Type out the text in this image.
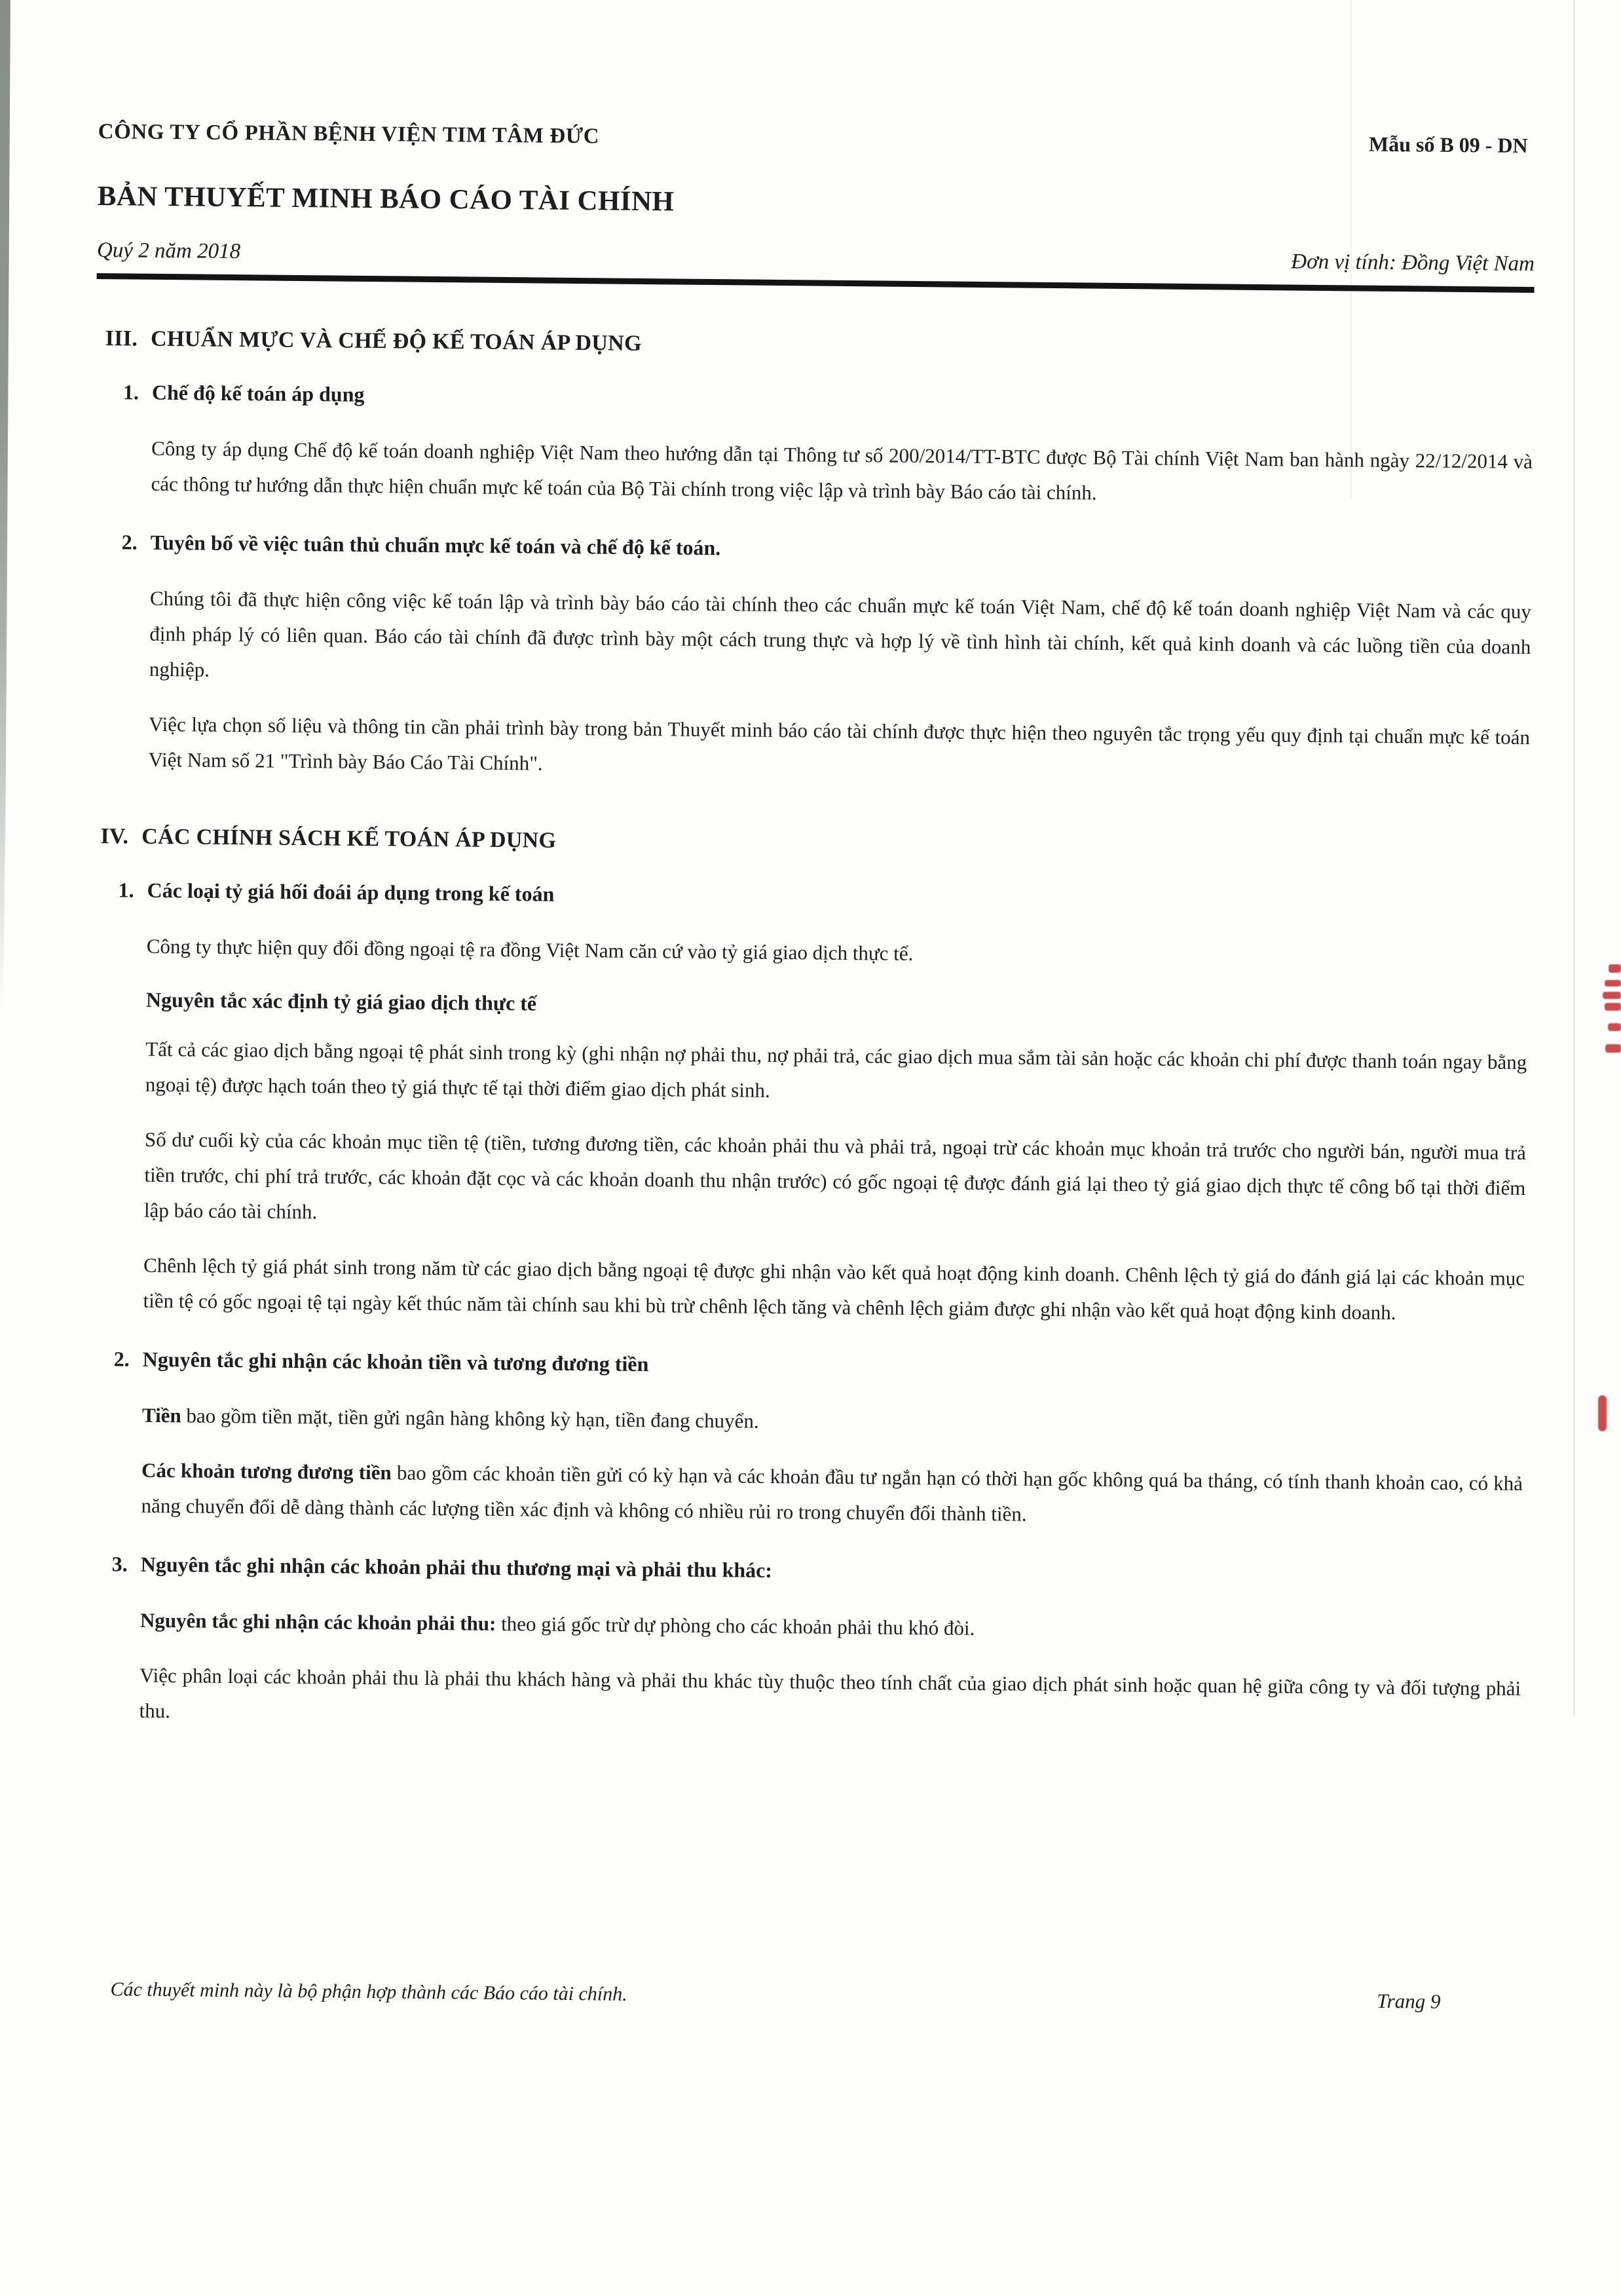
CÔNG TY CỔ PHẦN BỆNH VIỆN TIM TÂM ĐỨC	Mẫu số B 09 - DN
BẢN THUYẾT MINH BÁO CÁO TÀI CHÍNH
Quý 2 năm 2018	Đơn vị tính: Đồng Việt Nam
III. CHUẨN MỰC VÀ CHẾ ĐỘ KẾ TOÁN ÁP DỤNG
1. Chế độ kế toán áp dụng

Công ty áp dụng Chế độ kế toán doanh nghiệp Việt Nam theo hướng dẫn tại Thông tư số 200/2014/TT-BTC được Bộ Tài chính Việt Nam ban hành ngày 22/12/2014 và các thông tư hướng dẫn thực hiện chuẩn mực kế toán của Bộ Tài chính trong việc lập và trình bày Báo cáo tài chính.

2. Tuyên bố về việc tuân thủ chuẩn mực kế toán và chế độ kế toán.

Chúng tôi đã thực hiện công việc kế toán lập và trình bày báo cáo tài chính theo các chuẩn mực kế toán Việt Nam, chế độ kế toán doanh nghiệp Việt Nam và các quy định pháp lý có liên quan. Báo cáo tài chính đã được trình bày một cách trung thực và hợp lý về tình hình tài chính, kết quả kinh doanh và các luồng tiền của doanh nghiệp.

Việc lựa chọn số liệu và thông tin cần phải trình bày trong bản Thuyết minh báo cáo tài chính được thực hiện theo nguyên tắc trọng yếu quy định tại chuẩn mực kế toán Việt Nam số 21 "Trình bày Báo Cáo Tài Chính".

IV. CÁC CHÍNH SÁCH KẾ TOÁN ÁP DỤNG
1. Các loại tỷ giá hối đoái áp dụng trong kế toán

Công ty thực hiện quy đổi đồng ngoại tệ ra đồng Việt Nam căn cứ vào tỷ giá giao dịch thực tế.

Nguyên tắc xác định tỷ giá giao dịch thực tế

Tất cả các giao dịch bằng ngoại tệ phát sinh trong kỳ (ghi nhận nợ phải thu, nợ phải trả, các giao dịch mua sắm tài sản hoặc các khoản chi phí được thanh toán ngay bằng ngoại tệ) được hạch toán theo tỷ giá thực tế tại thời điểm giao dịch phát sinh.

Số dư cuối kỳ của các khoản mục tiền tệ (tiền, tương đương tiền, các khoản phải thu và phải trả, ngoại trừ các khoản mục khoản trả trước cho người bán, người mua trả tiền trước, chi phí trả trước, các khoản đặt cọc và các khoản doanh thu nhận trước) có gốc ngoại tệ được đánh giá lại theo tỷ giá giao dịch thực tế công bố tại thời điểm lập báo cáo tài chính.

Chênh lệch tỷ giá phát sinh trong năm từ các giao dịch bằng ngoại tệ được ghi nhận vào kết quả hoạt động kinh doanh. Chênh lệch tỷ giá do đánh giá lại các khoản mục tiền tệ có gốc ngoại tệ tại ngày kết thúc năm tài chính sau khi bù trừ chênh lệch tăng và chênh lệch giảm được ghi nhận vào kết quả hoạt động kinh doanh.

2. Nguyên tắc ghi nhận các khoản tiền và tương đương tiền

Tiền bao gồm tiền mặt, tiền gửi ngân hàng không kỳ hạn, tiền đang chuyển.

Các khoản tương đương tiền bao gồm các khoản tiền gửi có kỳ hạn và các khoản đầu tư ngắn hạn có thời hạn gốc không quá ba tháng, có tính thanh khoản cao, có khả năng chuyển đổi dễ dàng thành các lượng tiền xác định và không có nhiều rủi ro trong chuyển đổi thành tiền.

3. Nguyên tắc ghi nhận các khoản phải thu thương mại và phải thu khác:

Nguyên tắc ghi nhận các khoản phải thu: theo giá gốc trừ dự phòng cho các khoản phải thu khó đòi.

Việc phân loại các khoản phải thu là phải thu khách hàng và phải thu khác tùy thuộc theo tính chất của giao dịch phát sinh hoặc quan hệ giữa công ty và đối tượng phải thu.

Các thuyết minh này là bộ phận hợp thành các Báo cáo tài chính.	Trang 9
